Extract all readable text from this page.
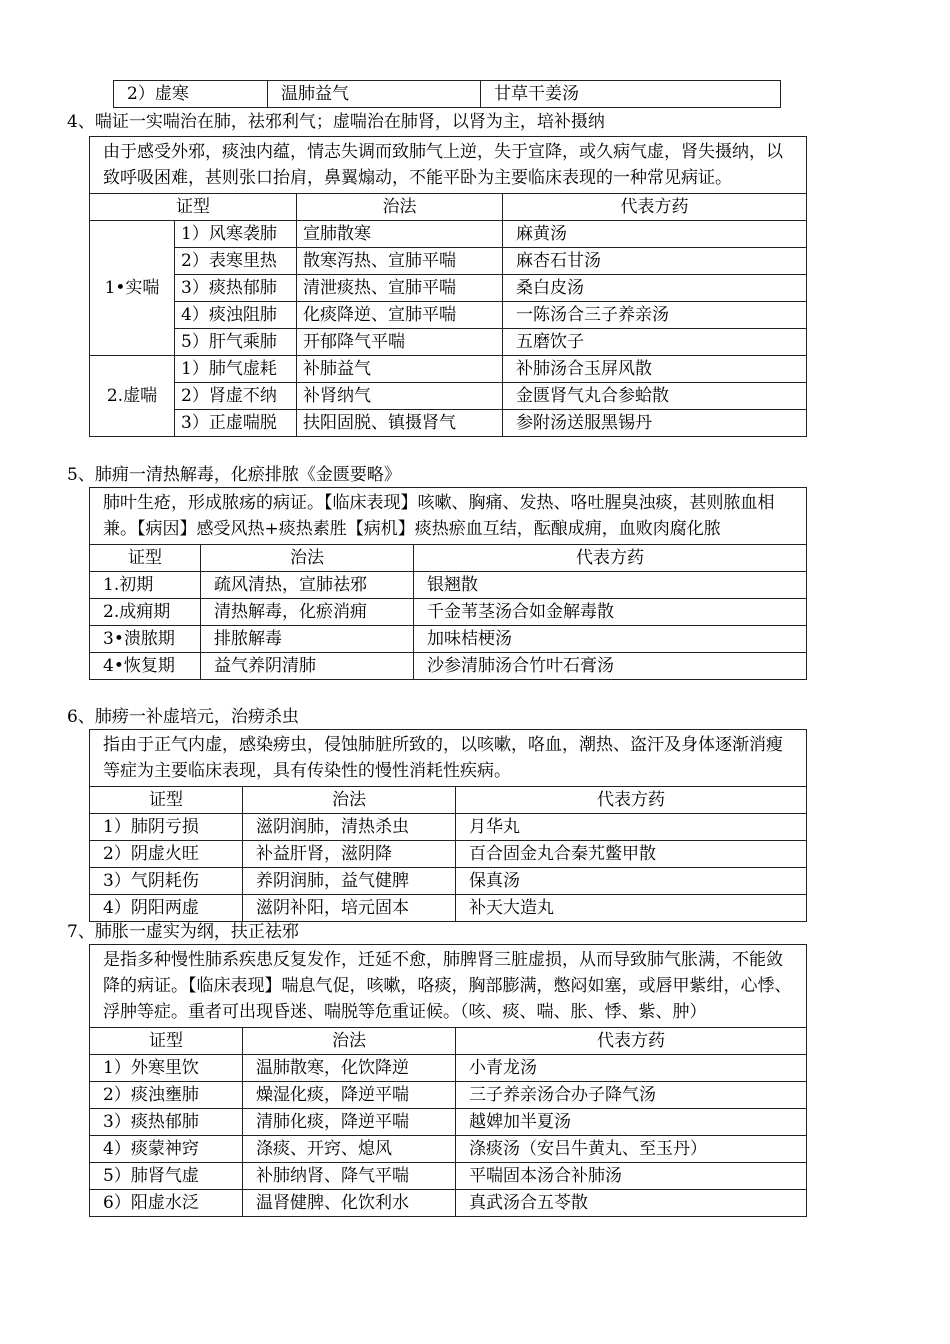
2）虚寒	温肺益气	甘草干姜汤
4、喘证一实喘治在肺，祛邪利气；虚喘治在肺肾，以肾为主，培补摄纳
由于感受外邪，痰浊内蕴，情志失调而致肺气上逆，失于宣降，或久病气虚，肾失摄纳，以致呼吸困难，甚则张口抬肩，鼻翼煽动，不能平卧为主要临床表现的一种常见病证。			
证型		治法	代表方药
1•实喘	1）风寒袭肺	宣肺散寒	麻黄汤
	2）表寒里热	散寒泻热、宣肺平喘	麻杏石甘汤
	3）痰热郁肺	清泄痰热、宣肺平喘	桑白皮汤
	4）痰浊阻肺	化痰降逆、宣肺平喘	一陈汤合三子养亲汤
	5）肝气乘肺	开郁降气平喘	五磨饮子
2.虚喘	1）肺气虚耗	补肺益气	补肺汤合玉屏风散
	2）肾虚不纳	补肾纳气	金匮肾气丸合参蛤散
	3）正虚喘脱	扶阳固脱、镇摄肾气	参附汤送服黑锡丹
5、肺痈一清热解毒，化瘀排脓《金匮要略》
肺叶生疮，形成脓疡的病证。【临床表现】咳嗽、胸痛、发热、咯吐腥臭浊痰，甚则脓血相兼。【病因】感受风热+痰热素胜【病机】痰热瘀血互结，酝酿成痈，血败肉腐化脓		
证型	治法	代表方药
1.初期	疏风清热，宣肺祛邪	银翘散
2.成痈期	清热解毒，化瘀消痈	千金苇茎汤合如金解毒散
3•溃脓期	排脓解毒	加味桔梗汤
4•恢复期	益气养阴清肺	沙参清肺汤合竹叶石膏汤
6、肺痨一补虚培元，治痨杀虫
指由于正气内虚，感染痨虫，侵蚀肺脏所致的，以咳嗽，咯血，潮热、盗汗及身体逐渐消瘦等症为主要临床表现，具有传染性的慢性消耗性疾病。		
证型	治法	代表方药
1）肺阴亏损	滋阴润肺，清热杀虫	月华丸
2）阴虚火旺	补益肝肾，滋阴降	百合固金丸合秦艽鳖甲散
3）气阴耗伤	养阴润肺，益气健脾	保真汤
4）阴阳两虚	滋阴补阳，培元固本	补天大造丸
7、肺胀一虚实为纲，扶正祛邪
是指多种慢性肺系疾患反复发作，迁延不愈，肺脾肾三脏虚损，从而导致肺气胀满，不能敛降的病证。【临床表现】喘息气促，咳嗽，咯痰，胸部膨满，憋闷如塞，或唇甲紫绀，心悸、浮肿等症。重者可出现昏迷、喘脱等危重证候。（咳、痰、喘、胀、悸、紫、肿）		
证型	治法	代表方药
1）外寒里饮	温肺散寒，化饮降逆	小青龙汤
2）痰浊壅肺	燥湿化痰，降逆平喘	三子养亲汤合办子降气汤
3）痰热郁肺	清肺化痰，降逆平喘	越婢加半夏汤
4）痰蒙神窍	涤痰、开窍、熄风	涤痰汤（安吕牛黄丸、至玉丹）
5）肺肾气虚	补肺纳肾、降气平喘	平喘固本汤合补肺汤
6）阳虚水泛	温肾健脾、化饮利水	真武汤合五苓散
